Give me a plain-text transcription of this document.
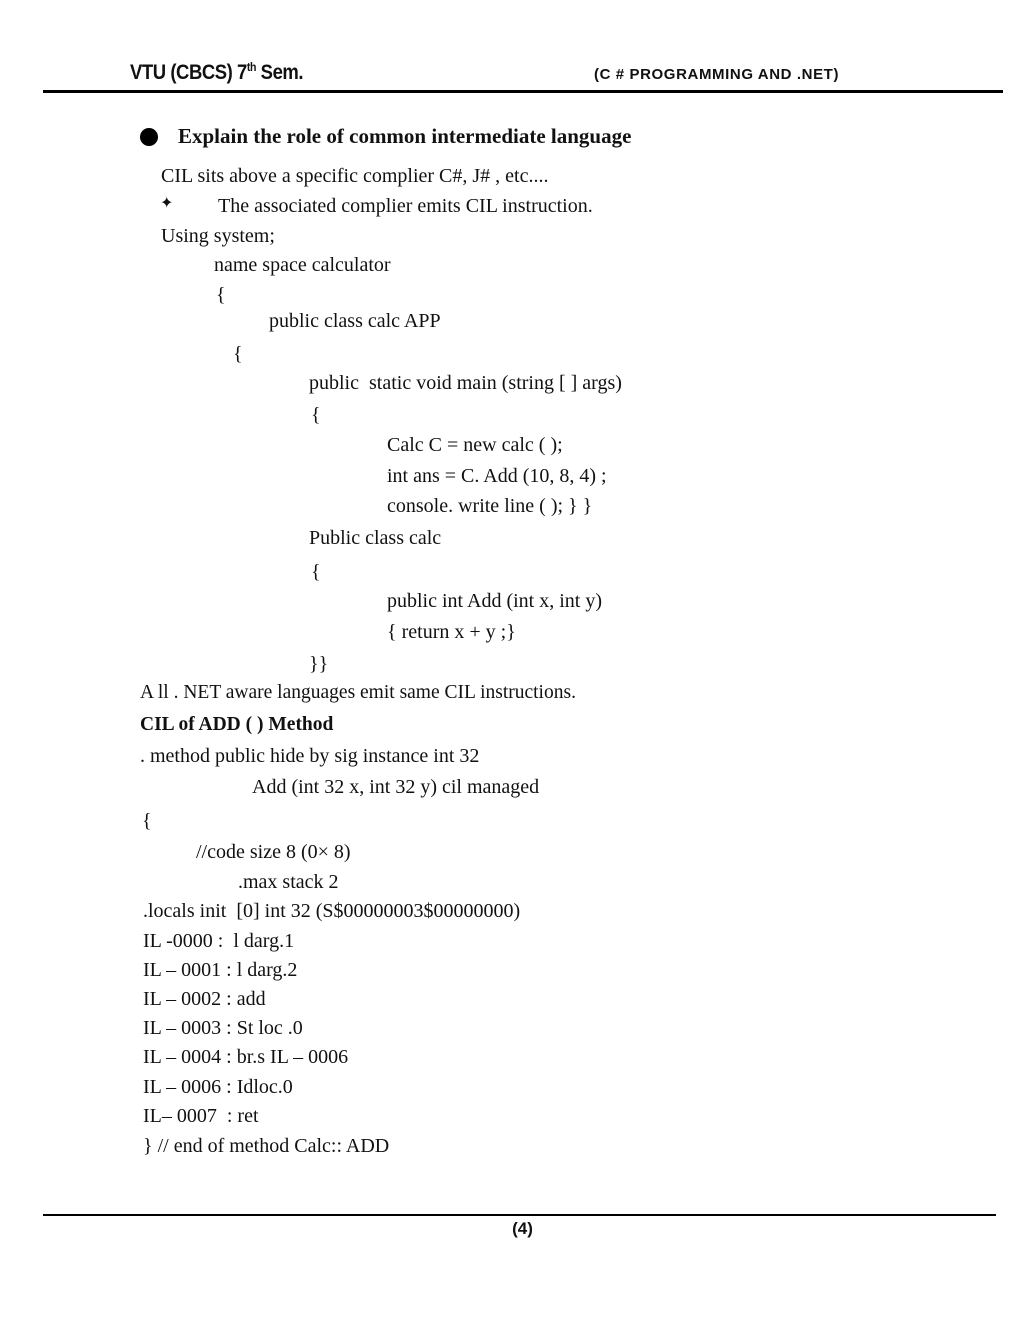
VTU (CBCS) 7th Sem.	(C # PROGRAMMING AND .NET)
Explain the role of common intermediate language
CIL sits above a specific complier C#, J# , etc....
✦ The associated complier emits CIL instruction.
Using system;
name space calculator
{
public class calc APP
{
public  static void main (string [ ] args)
{
Calc C = new calc ( );
int ans = C. Add (10, 8, 4) ;
console. write line ( ); } }
Public class calc
{
public int Add (int x, int y)
{ return x + y ;}
}}
A ll . NET aware languages emit same CIL instructions.
CIL of ADD ( ) Method
. method public hide by sig instance int 32
Add (int 32 x, int 32 y) cil managed
{
//code size 8 (0× 8)
.max stack 2
.locals init  [0] int 32 (S$00000003$00000000)
IL -0000 :  l darg.1
IL – 0001 : l darg.2
IL – 0002 : add
IL – 0003 : St loc .0
IL – 0004 : br.s IL – 0006
IL – 0006 : Idloc.0
IL– 0007  : ret
} // end of method Calc:: ADD
(4)
